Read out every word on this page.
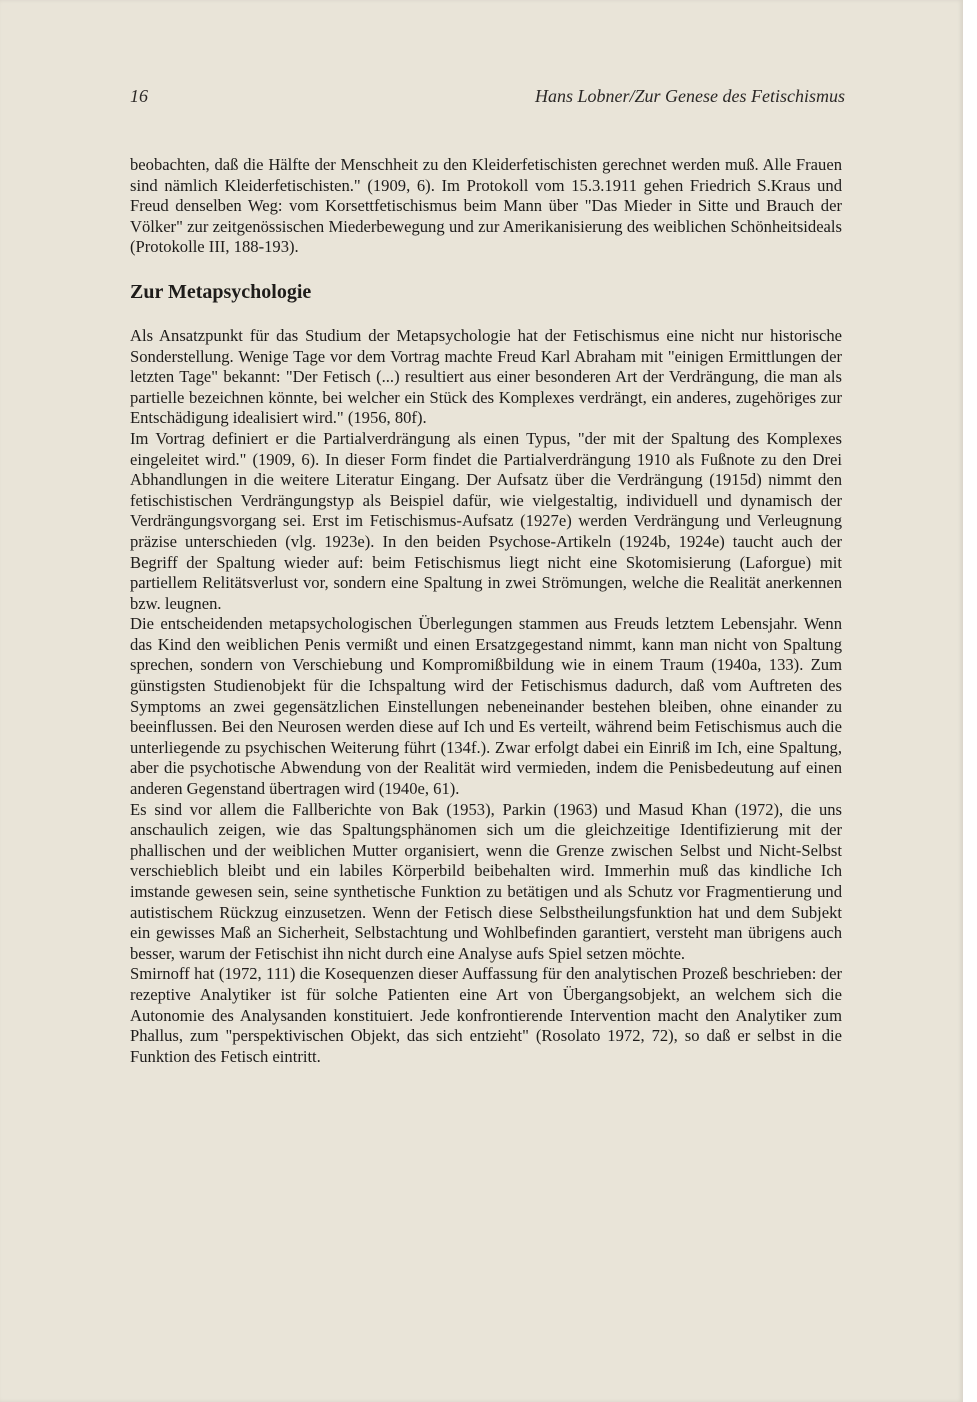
16	Hans Lobner/Zur Genese des Fetischismus

beobachten, daß die Hälfte der Menschheit zu den Kleiderfetischisten gerechnet werden muß. Alle Frauen sind nämlich Kleiderfetischisten." (1909, 6). Im Protokoll vom 15.3.1911 gehen Friedrich S.Kraus und Freud denselben Weg: vom Korsettfetischismus beim Mann über "Das Mieder in Sitte und Brauch der Völker" zur zeitgenössischen Miederbewegung und zur Amerikanisierung des weiblichen Schönheitsideals (Protokolle III, 188-193).

Zur Metapsychologie

Als Ansatzpunkt für das Studium der Metapsychologie hat der Fetischismus eine nicht nur historische Sonderstellung. Wenige Tage vor dem Vortrag machte Freud Karl Abraham mit "einigen Ermittlungen der letzten Tage" bekannt: "Der Fetisch (...) resultiert aus einer besonderen Art der Verdrängung, die man als partielle bezeichnen könnte, bei welcher ein Stück des Komplexes verdrängt, ein anderes, zugehöriges zur Entschädigung idealisiert wird." (1956, 80f).

Im Vortrag definiert er die Partialverdrängung als einen Typus, "der mit der Spaltung des Komplexes eingeleitet wird." (1909, 6). In dieser Form findet die Partialverdrängung 1910 als Fußnote zu den Drei Abhandlungen in die weitere Literatur Eingang. Der Aufsatz über die Verdrängung (1915d) nimmt den fetischistischen Verdrängungstyp als Beispiel dafür, wie vielgestaltig, individuell und dynamisch der Verdrängungsvorgang sei. Erst im Fetischismus-Aufsatz (1927e) werden Verdrängung und Verleugnung präzise unterschieden (vlg. 1923e). In den beiden Psychose-Artikeln (1924b, 1924e) taucht auch der Begriff der Spaltung wieder auf: beim Fetischismus liegt nicht eine Skotomisierung (Laforgue) mit partiellem Relitätsverlust vor, sondern eine Spaltung in zwei Strömungen, welche die Realität anerkennen bzw. leugnen.

Die entscheidenden metapsychologischen Überlegungen stammen aus Freuds letztem Lebensjahr. Wenn das Kind den weiblichen Penis vermißt und einen Ersatzgegestand nimmt, kann man nicht von Spaltung sprechen, sondern von Verschiebung und Kompromißbildung wie in einem Traum (1940a, 133). Zum günstigsten Studienobjekt für die Ichspaltung wird der Fetischismus dadurch, daß vom Auftreten des Symptoms an zwei gegensätzlichen Einstellungen nebeneinander bestehen bleiben, ohne einander zu beeinflussen. Bei den Neurosen werden diese auf Ich und Es verteilt, während beim Fetischismus auch die unterliegende zu psychischen Weiterung führt (134f.). Zwar erfolgt dabei ein Einriß im Ich, eine Spaltung, aber die psychotische Abwendung von der Realität wird vermieden, indem die Penisbedeutung auf einen anderen Gegenstand übertragen wird (1940e, 61).

Es sind vor allem die Fallberichte von Bak (1953), Parkin (1963) und Masud Khan (1972), die uns anschaulich zeigen, wie das Spaltungsphänomen sich um die gleichzeitige Identifizierung mit der phallischen und der weiblichen Mutter organisiert, wenn die Grenze zwischen Selbst und Nicht-Selbst verschieblich bleibt und ein labiles Körperbild beibehalten wird. Immerhin muß das kindliche Ich imstande gewesen sein, seine synthetische Funktion zu betätigen und als Schutz vor Fragmentierung und autistischem Rückzug einzusetzen. Wenn der Fetisch diese Selbstheilungsfunktion hat und dem Subjekt ein gewisses Maß an Sicherheit, Selbstachtung und Wohlbefinden garantiert, versteht man übrigens auch besser, warum der Fetischist ihn nicht durch eine Analyse aufs Spiel setzen möchte.

Smirnoff hat (1972, 111) die Kosequenzen dieser Auffassung für den analytischen Prozeß beschrieben: der rezeptive Analytiker ist für solche Patienten eine Art von Übergangsobjekt, an welchem sich die Autonomie des Analysanden konstituiert. Jede konfrontierende Intervention macht den Analytiker zum Phallus, zum "perspektivischen Objekt, das sich entzieht" (Rosolato 1972, 72), so daß er selbst in die Funktion des Fetisch eintritt.
